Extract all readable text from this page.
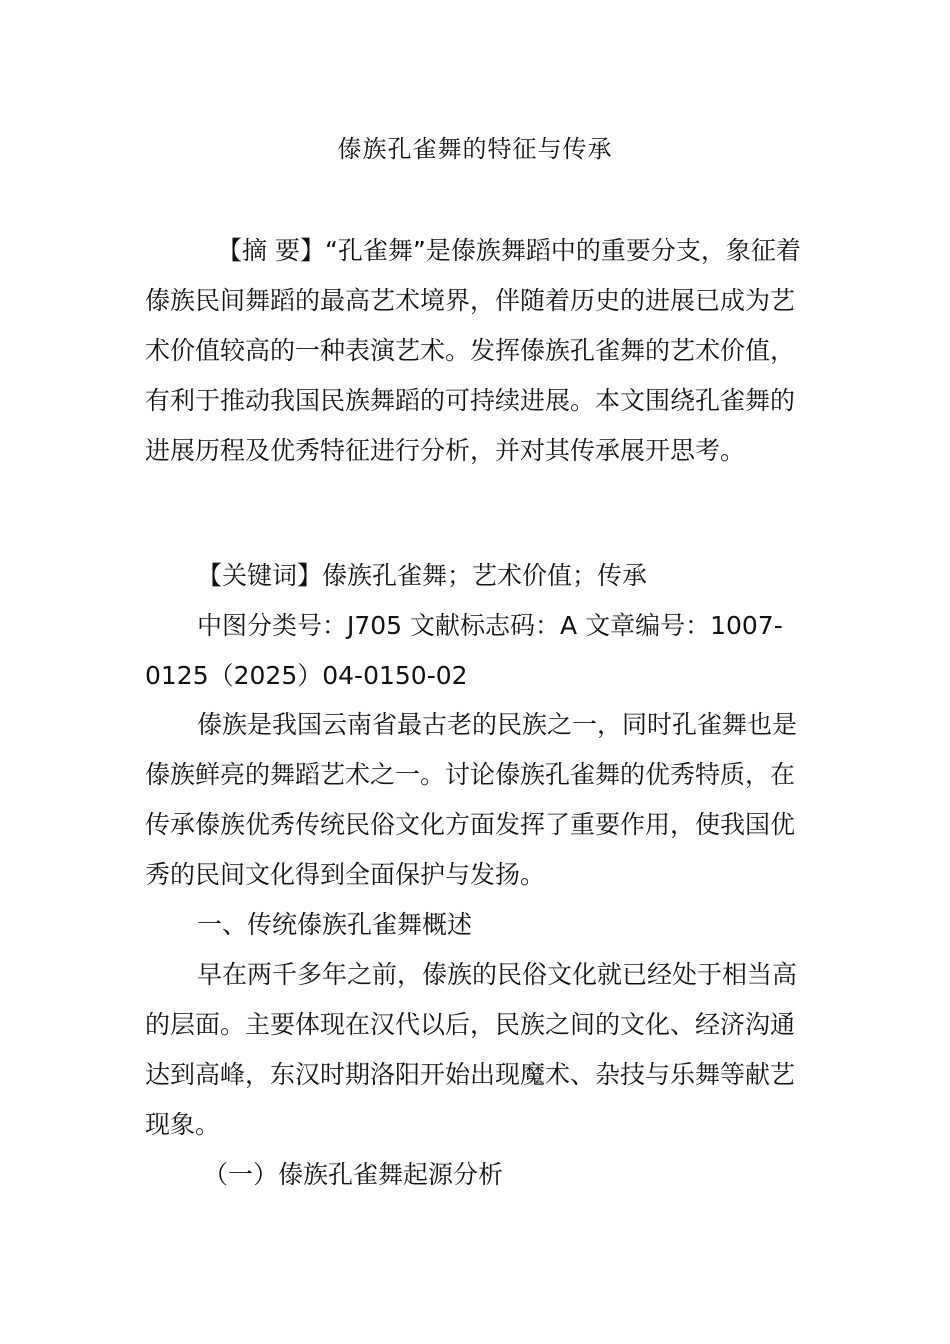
傣族孔雀舞的特征与传承

【摘 要】“孔雀舞”是傣族舞蹈中的重要分支，象征着傣族民间舞蹈的最高艺术境界，伴随着历史的进展已成为艺术价值较高的一种表演艺术。发挥傣族孔雀舞的艺术价值，有利于推动我国民族舞蹈的可持续进展。本文围绕孔雀舞的进展历程及优秀特征进行分析，并对其传承展开思考。

【关键词】傣族孔雀舞；艺术价值；传承

中图分类号：J705 文献标志码：A 文章编号：1007-0125（2025）04-0150-02

傣族是我国云南省最古老的民族之一，同时孔雀舞也是傣族鲜亮的舞蹈艺术之一。讨论傣族孔雀舞的优秀特质，在传承傣族优秀传统民俗文化方面发挥了重要作用，使我国优秀的民间文化得到全面保护与发扬。

一、传统傣族孔雀舞概述

早在两千多年之前，傣族的民俗文化就已经处于相当高的层面。主要体现在汉代以后，民族之间的文化、经济沟通达到高峰，东汉时期洛阳开始出现魔术、杂技与乐舞等献艺现象。

（一）傣族孔雀舞起源分析
